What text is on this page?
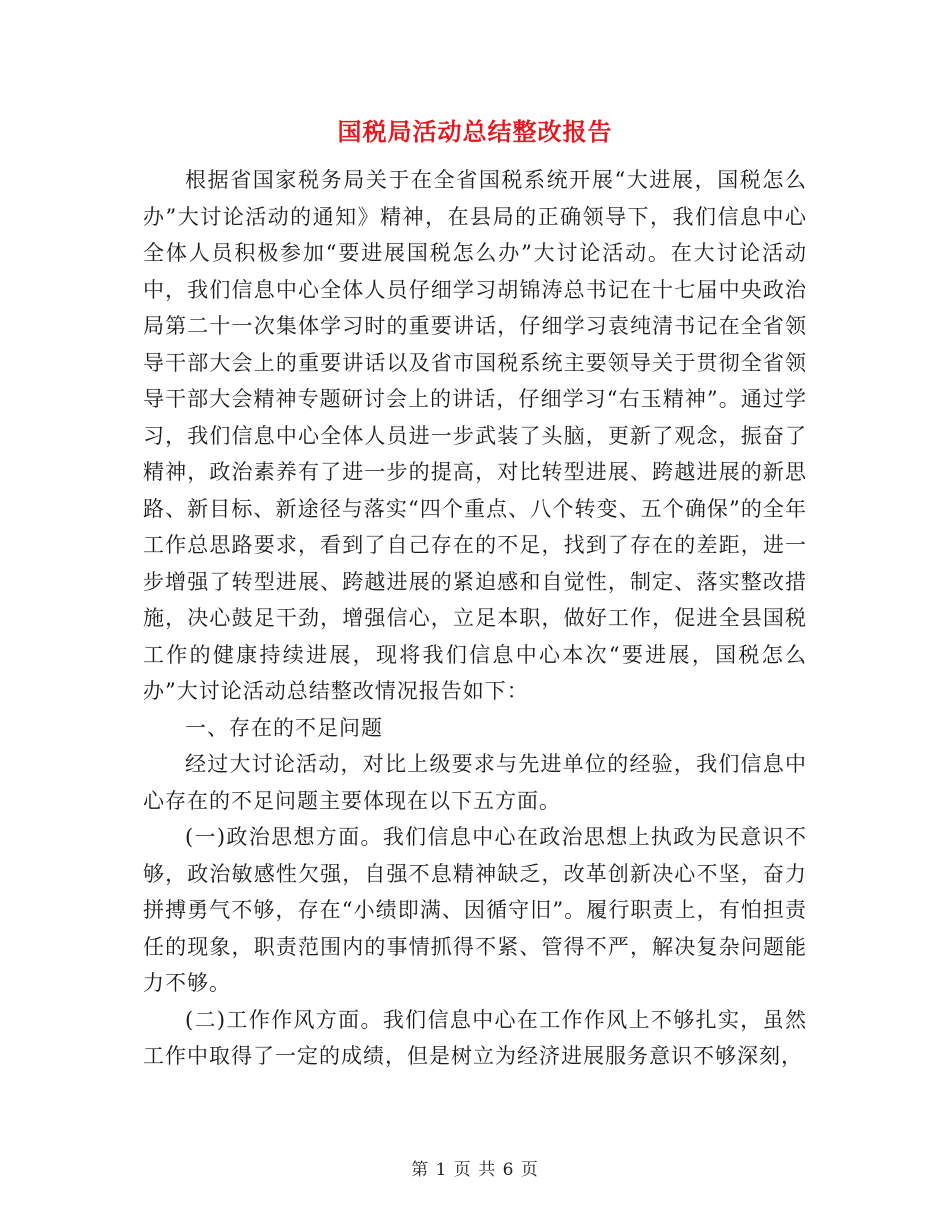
国税局活动总结整改报告

根据省国家税务局关于在全省国税系统开展“大进展，国税怎么办”大讨论活动的通知》精神，在县局的正确领导下，我们信息中心全体人员积极参加“要进展国税怎么办”大讨论活动。在大讨论活动中，我们信息中心全体人员仔细学习胡锦涛总书记在十七届中央政治局第二十一次集体学习时的重要讲话，仔细学习袁纯清书记在全省领导干部大会上的重要讲话以及省市国税系统主要领导关于贯彻全省领导干部大会精神专题研讨会上的讲话，仔细学习“右玉精神”。通过学习，我们信息中心全体人员进一步武装了头脑，更新了观念，振奋了精神，政治素养有了进一步的提高，对比转型进展、跨越进展的新思路、新目标、新途径与落实“四个重点、八个转变、五个确保”的全年工作总思路要求，看到了自己存在的不足，找到了存在的差距，进一步增强了转型进展、跨越进展的紧迫感和自觉性，制定、落实整改措施，决心鼓足干劲，增强信心，立足本职，做好工作，促进全县国税工作的健康持续进展，现将我们信息中心本次“要进展，国税怎么办”大讨论活动总结整改情况报告如下：

一、存在的不足问题

经过大讨论活动，对比上级要求与先进单位的经验，我们信息中心存在的不足问题主要体现在以下五方面。

(一)政治思想方面。我们信息中心在政治思想上执政为民意识不够，政治敏感性欠强，自强不息精神缺乏，改革创新决心不坚，奋力拼搏勇气不够，存在“小绩即满、因循守旧”。履行职责上，有怕担责任的现象，职责范围内的事情抓得不紧、管得不严，解决复杂问题能力不够。

(二)工作作风方面。我们信息中心在工作作风上不够扎实，虽然工作中取得了一定的成绩，但是树立为经济进展服务意识不够深刻，

第 1 页 共 6 页
